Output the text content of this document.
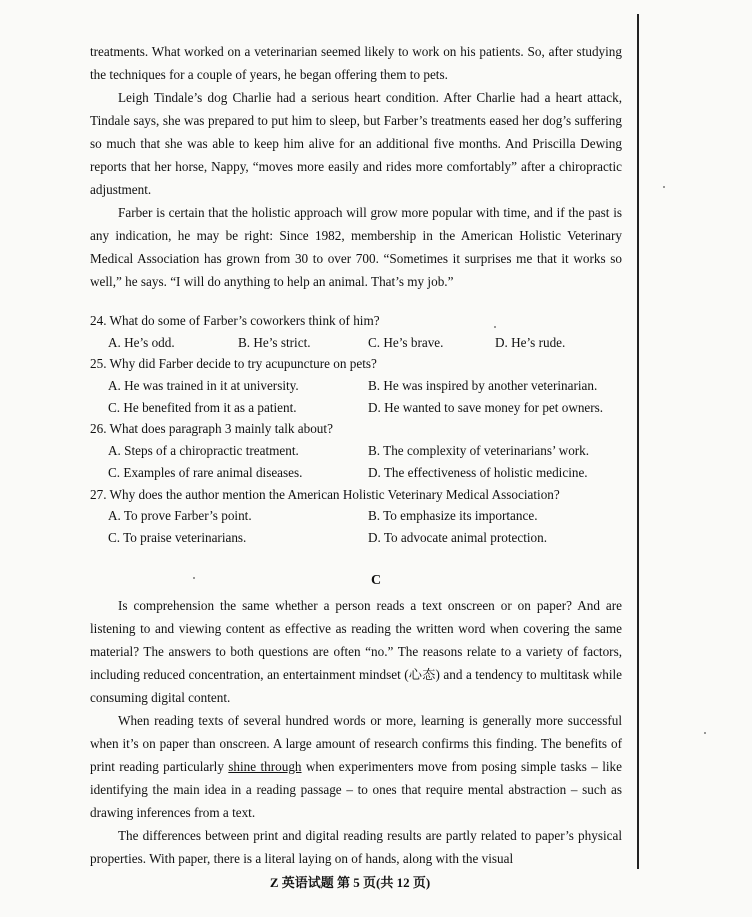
treatments. What worked on a veterinarian seemed likely to work on his patients. So, after studying the techniques for a couple of years, he began offering them to pets.

Leigh Tindale’s dog Charlie had a serious heart condition. After Charlie had a heart attack, Tindale says, she was prepared to put him to sleep, but Farber’s treatments eased her dog’s suffering so much that she was able to keep him alive for an additional five months. And Priscilla Dewing reports that her horse, Nappy, “moves more easily and rides more comfortably” after a chiropractic adjustment.

Farber is certain that the holistic approach will grow more popular with time, and if the past is any indication, he may be right: Since 1982, membership in the American Holistic Veterinary Medical Association has grown from 30 to over 700. “Sometimes it surprises me that it works so well,” he says. “I will do anything to help an animal. That’s my job.”

24. What do some of Farber’s coworkers think of him?
A. He’s odd.	B. He’s strict.	C. He’s brave.	D. He’s rude.
25. Why did Farber decide to try acupuncture on pets?
A. He was trained in it at university.	B. He was inspired by another veterinarian.
C. He benefited from it as a patient.	D. He wanted to save money for pet owners.
26. What does paragraph 3 mainly talk about?
A. Steps of a chiropractic treatment.	B. The complexity of veterinarians’ work.
C. Examples of rare animal diseases.	D. The effectiveness of holistic medicine.
27. Why does the author mention the American Holistic Veterinary Medical Association?
A. To prove Farber’s point.	B. To emphasize its importance.
C. To praise veterinarians.	D. To advocate animal protection.
C

Is comprehension the same whether a person reads a text onscreen or on paper? And are listening to and viewing content as effective as reading the written word when covering the same material? The answers to both questions are often “no.” The reasons relate to a variety of factors, including reduced concentration, an entertainment mindset (心态) and a tendency to multitask while consuming digital content.

When reading texts of several hundred words or more, learning is generally more successful when it’s on paper than onscreen. A large amount of research confirms this finding. The benefits of print reading particularly shine through when experimenters move from posing simple tasks – like identifying the main idea in a reading passage – to ones that require mental abstraction – such as drawing inferences from a text.

The differences between print and digital reading results are partly related to paper’s physical properties. With paper, there is a literal laying on of hands, along with the visual

Z 英语试题 第 5 页(共 12 页)
